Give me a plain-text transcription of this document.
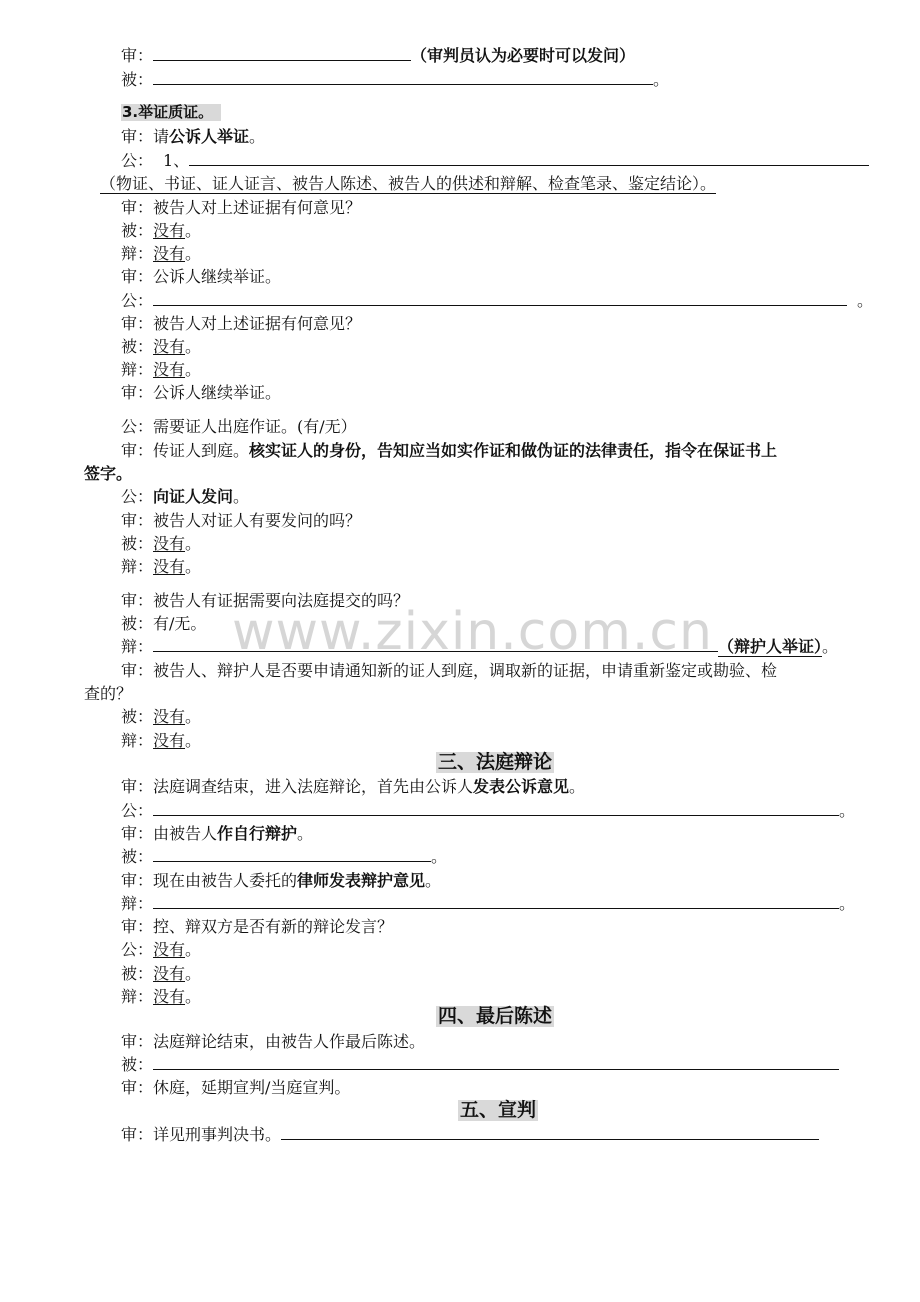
www.zixin.com.cn
审：	（审判员认为必要时可以发问）
被：	。
3.举证质证。
审：请公诉人举证。
公： 1、
（物证、书证、证人证言、被告人陈述、被告人的供述和辩解、检查笔录、鉴定结论）。
审：被告人对上述证据有何意见？
被：没有。
辩：没有。
审：公诉人继续举证。
公：	。
审：被告人对上述证据有何意见？
被：没有。
辩：没有。
审：公诉人继续举证。
公：需要证人出庭作证。(有/无）
审：传证人到庭。核实证人的身份，告知应当如实作证和做伪证的法律责任，指令在保证书上
签字。
公：向证人发问。
审：被告人对证人有要发问的吗？
被：没有。
辩：没有。
审：被告人有证据需要向法庭提交的吗？
被：有/无。
辩：	（辩护人举证）。
审：被告人、辩护人是否要申请通知新的证人到庭，调取新的证据，申请重新鉴定或勘验、检
查的？
被：没有。
辩：没有。
三、法庭辩论
审：法庭调查结束，进入法庭辩论，首先由公诉人发表公诉意见。
公：	。
审：由被告人作自行辩护。
被：	。
审：现在由被告人委托的律师发表辩护意见。
辩：	。
审：控、辩双方是否有新的辩论发言？
公：没有。
被：没有。
辩：没有。
四、最后陈述
审：法庭辩论结束，由被告人作最后陈述。
被：
审：休庭，延期宣判/当庭宣判。
五、宣判
审：详见刑事判决书。
